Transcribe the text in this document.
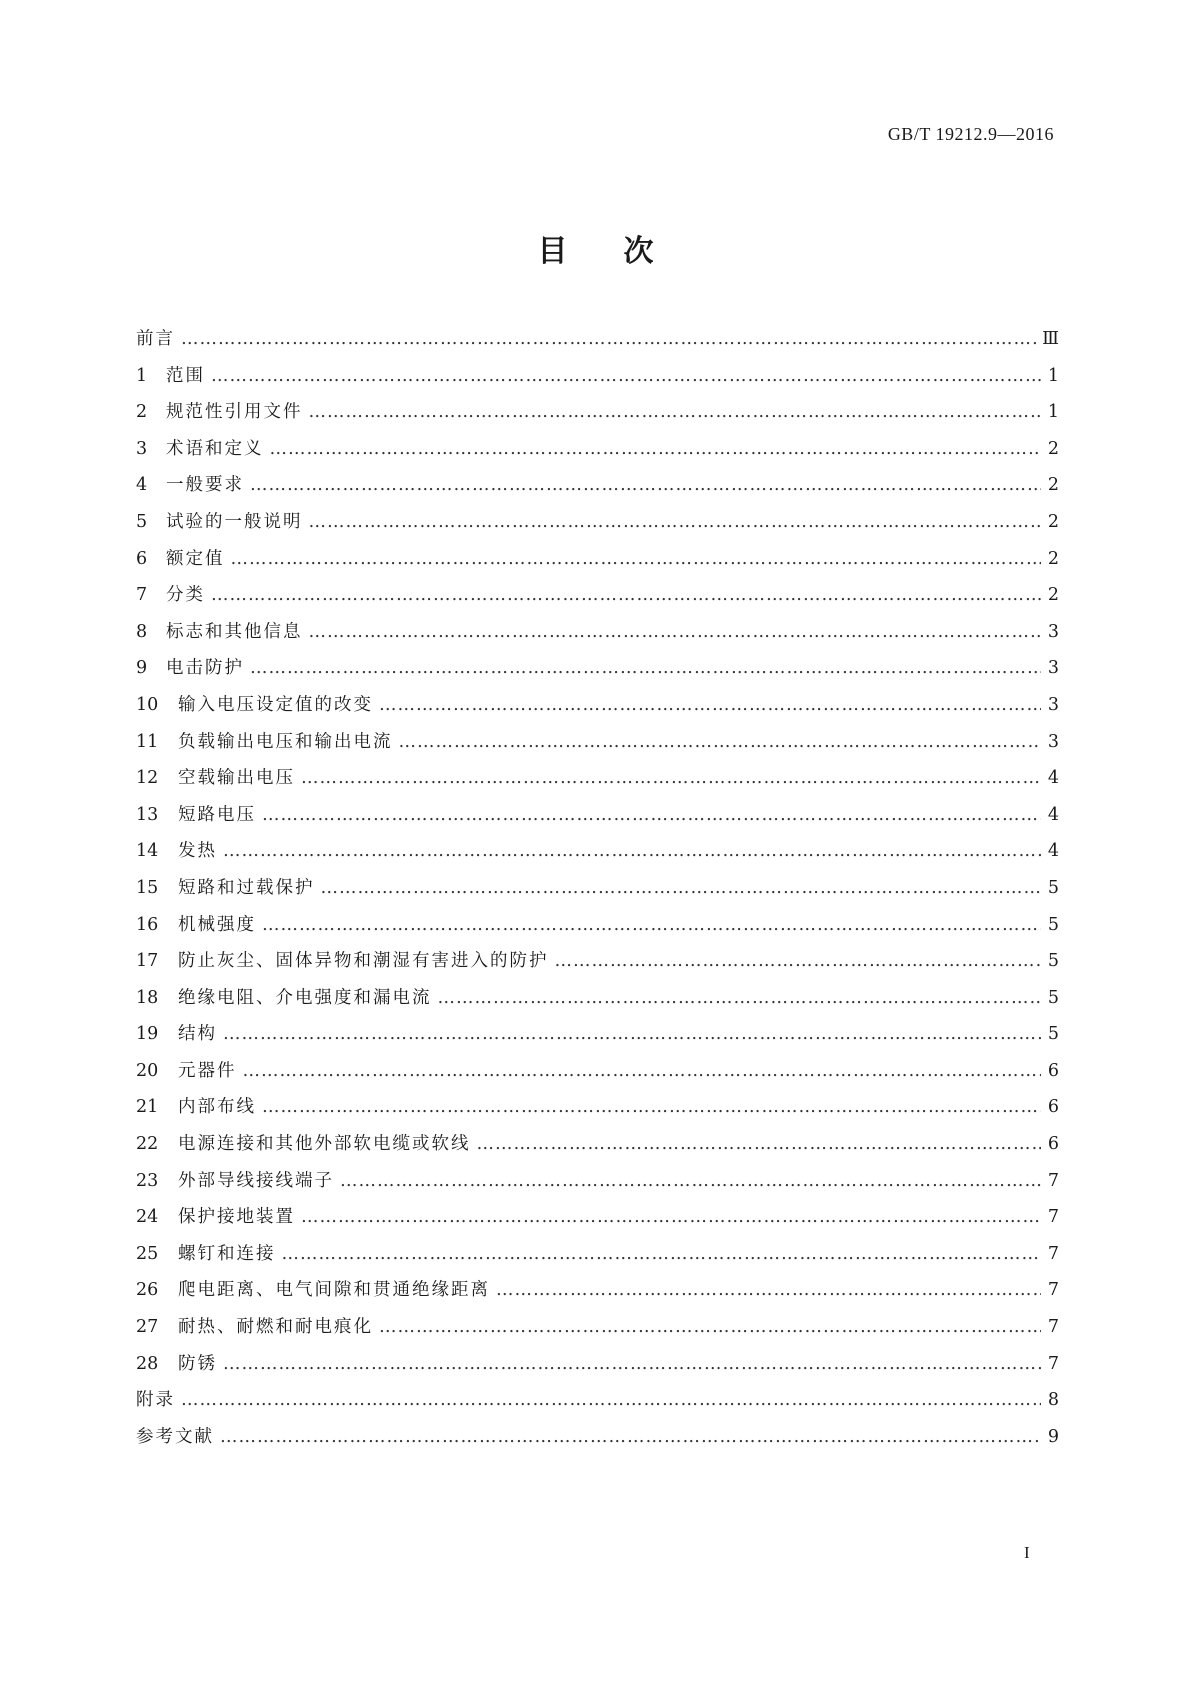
GB/T 19212.9—2016
目次
前言 …………………………………………………………………………………………………………………………………………………………………………………………………………………………………………	Ⅲ
1	范围 …………………………………………………………………………………………………………………………………………………………………………………………………………………………………………	1
2	规范性引用文件 …………………………………………………………………………………………………………………………………………………………………………………………………………………………………………	1
3	术语和定义 …………………………………………………………………………………………………………………………………………………………………………………………………………………………………………	2
4	一般要求 …………………………………………………………………………………………………………………………………………………………………………………………………………………………………………	2
5	试验的一般说明 …………………………………………………………………………………………………………………………………………………………………………………………………………………………………………	2
6	额定值 …………………………………………………………………………………………………………………………………………………………………………………………………………………………………………	2
7	分类 …………………………………………………………………………………………………………………………………………………………………………………………………………………………………………	2
8	标志和其他信息 …………………………………………………………………………………………………………………………………………………………………………………………………………………………………………	3
9	电击防护 …………………………………………………………………………………………………………………………………………………………………………………………………………………………………………	3
10	输入电压设定值的改变 …………………………………………………………………………………………………………………………………………………………………………………………………………………………………………	3
11	负载输出电压和输出电流 …………………………………………………………………………………………………………………………………………………………………………………………………………………………………………	3
12	空载输出电压 …………………………………………………………………………………………………………………………………………………………………………………………………………………………………………	4
13	短路电压 …………………………………………………………………………………………………………………………………………………………………………………………………………………………………………	4
14	发热 …………………………………………………………………………………………………………………………………………………………………………………………………………………………………………	4
15	短路和过载保护 …………………………………………………………………………………………………………………………………………………………………………………………………………………………………………	5
16	机械强度 …………………………………………………………………………………………………………………………………………………………………………………………………………………………………………	5
17	防止灰尘、固体异物和潮湿有害进入的防护 …………………………………………………………………………………………………………………………………………………………………………………………………………………………………………	5
18	绝缘电阻、介电强度和漏电流 …………………………………………………………………………………………………………………………………………………………………………………………………………………………………………	5
19	结构 …………………………………………………………………………………………………………………………………………………………………………………………………………………………………………	5
20	元器件 …………………………………………………………………………………………………………………………………………………………………………………………………………………………………………	6
21	内部布线 …………………………………………………………………………………………………………………………………………………………………………………………………………………………………………	6
22	电源连接和其他外部软电缆或软线 …………………………………………………………………………………………………………………………………………………………………………………………………………………………………………	6
23	外部导线接线端子 …………………………………………………………………………………………………………………………………………………………………………………………………………………………………………	7
24	保护接地装置 …………………………………………………………………………………………………………………………………………………………………………………………………………………………………………	7
25	螺钉和连接 …………………………………………………………………………………………………………………………………………………………………………………………………………………………………………	7
26	爬电距离、电气间隙和贯通绝缘距离 …………………………………………………………………………………………………………………………………………………………………………………………………………………………………………	7
27	耐热、耐燃和耐电痕化 …………………………………………………………………………………………………………………………………………………………………………………………………………………………………………	7
28	防锈 …………………………………………………………………………………………………………………………………………………………………………………………………………………………………………	7
附录 …………………………………………………………………………………………………………………………………………………………………………………………………………………………………………	8
参考文献 …………………………………………………………………………………………………………………………………………………………………………………………………………………………………………	9
I
